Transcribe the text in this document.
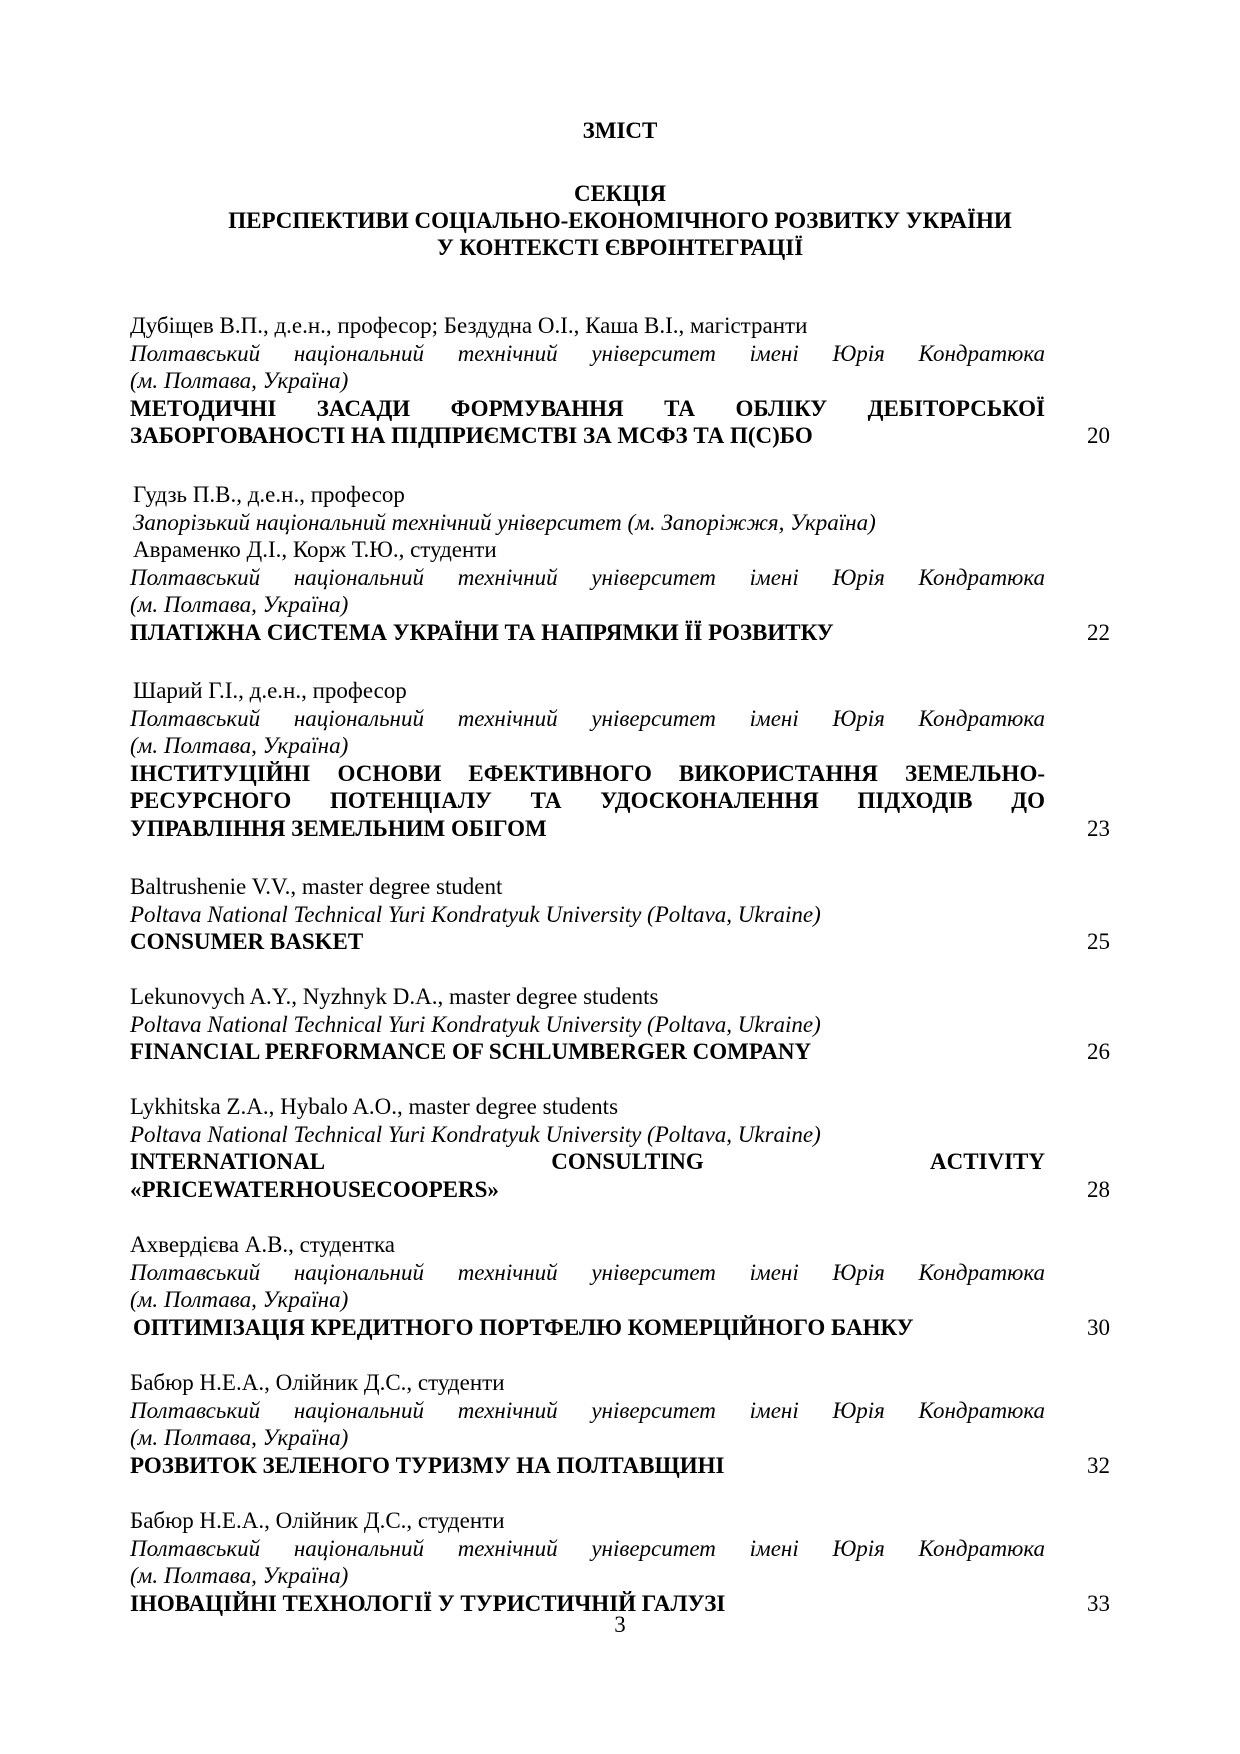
ЗМІСТ
СЕКЦІЯ
ПЕРСПЕКТИВИ СОЦІАЛЬНО-ЕКОНОМІЧНОГО РОЗВИТКУ УКРАЇНИ
У КОНТЕКСТІ ЄВРОІНТЕГРАЦІЇ
Дубіщев В.П., д.е.н., професор; Бездудна О.І., Каша В.І., магістранти
Полтавський національний технічний університет імені Юрія Кондратюка
(м. Полтава, Україна)
МЕТОДИЧНІ ЗАСАДИ ФОРМУВАННЯ ТА ОБЛІКУ ДЕБІТОРСЬКОЇ
ЗАБОРГОВАНОСТІ НА ПІДПРИЄМСТВІ ЗА МСФЗ ТА П(С)БО	20
Гудзь П.В., д.е.н., професор
Запорізький національний технічний університет (м. Запоріжжя, Україна)
Авраменко Д.І., Корж Т.Ю., студенти
Полтавський національний технічний університет імені Юрія Кондратюка
(м. Полтава, Україна)
ПЛАТІЖНА СИСТЕМА УКРАЇНИ ТА НАПРЯМКИ ЇЇ РОЗВИТКУ	22
Шарий Г.І., д.е.н., професор
Полтавський національний технічний університет імені Юрія Кондратюка
(м. Полтава, Україна)
ІНСТИТУЦІЙНІ ОСНОВИ ЕФЕКТИВНОГО ВИКОРИСТАННЯ ЗЕМЕЛЬНО-
РЕСУРСНОГО ПОТЕНЦІАЛУ ТА УДОСКОНАЛЕННЯ ПІДХОДІВ ДО
УПРАВЛІННЯ ЗЕМЕЛЬНИМ ОБІГОМ	23
Baltrushenie V.V., master degree student
Poltava National Technical Yuri Kondratyuk University (Poltava, Ukraine)
CONSUMER BASKET	25
Lekunovych A.Y., Nyzhnyk D.A., master degree students
Poltava National Technical Yuri Kondratyuk University (Poltava, Ukraine)
FINANCIAL PERFORMANCE OF SCHLUMBERGER COMPANY	26
Lykhitska Z.A., Hybalo A.O., master degree students
Poltava National Technical Yuri Kondratyuk University (Poltava, Ukraine)
INTERNATIONAL CONSULTING ACTIVITY
«PRICEWATERHOUSECOOPERS»	28
Ахвердієва А.В., студентка
Полтавський національний технічний університет імені Юрія Кондратюка
(м. Полтава, Україна)
ОПТИМІЗАЦІЯ КРЕДИТНОГО ПОРТФЕЛЮ КОМЕРЦІЙНОГО БАНКУ	30
Бабюр Н.Е.А., Олійник Д.С., студенти
Полтавський національний технічний університет імені Юрія Кондратюка
(м. Полтава, Україна)
РОЗВИТОК ЗЕЛЕНОГО ТУРИЗМУ НА ПОЛТАВЩИНІ	32
Бабюр Н.Е.А., Олійник Д.С., студенти
Полтавський національний технічний університет імені Юрія Кондратюка
(м. Полтава, Україна)
ІНОВАЦІЙНІ ТЕХНОЛОГІЇ У ТУРИСТИЧНІЙ ГАЛУЗІ	33
3
